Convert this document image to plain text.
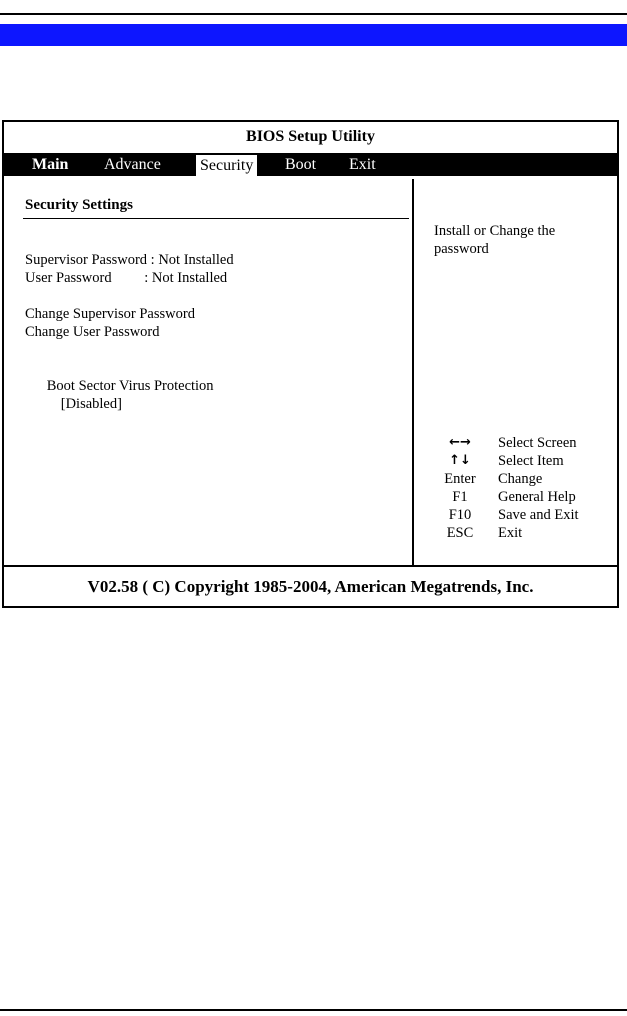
BIOS Setup Utility
Main Advance Security Boot Exit
Security Settings
Supervisor Password : Not Installed
User Password         : Not Installed
Change Supervisor Password
Change User Password

Boot Sector Virus Protection
[Disabled]

Install or Change the password
←→	Select Screen
↑↓	Select Item
Enter	Change
F1	General Help
F10	Save and Exit
ESC	Exit
V02.58 ( C) Copyright 1985-2004, American Megatrends, Inc.
